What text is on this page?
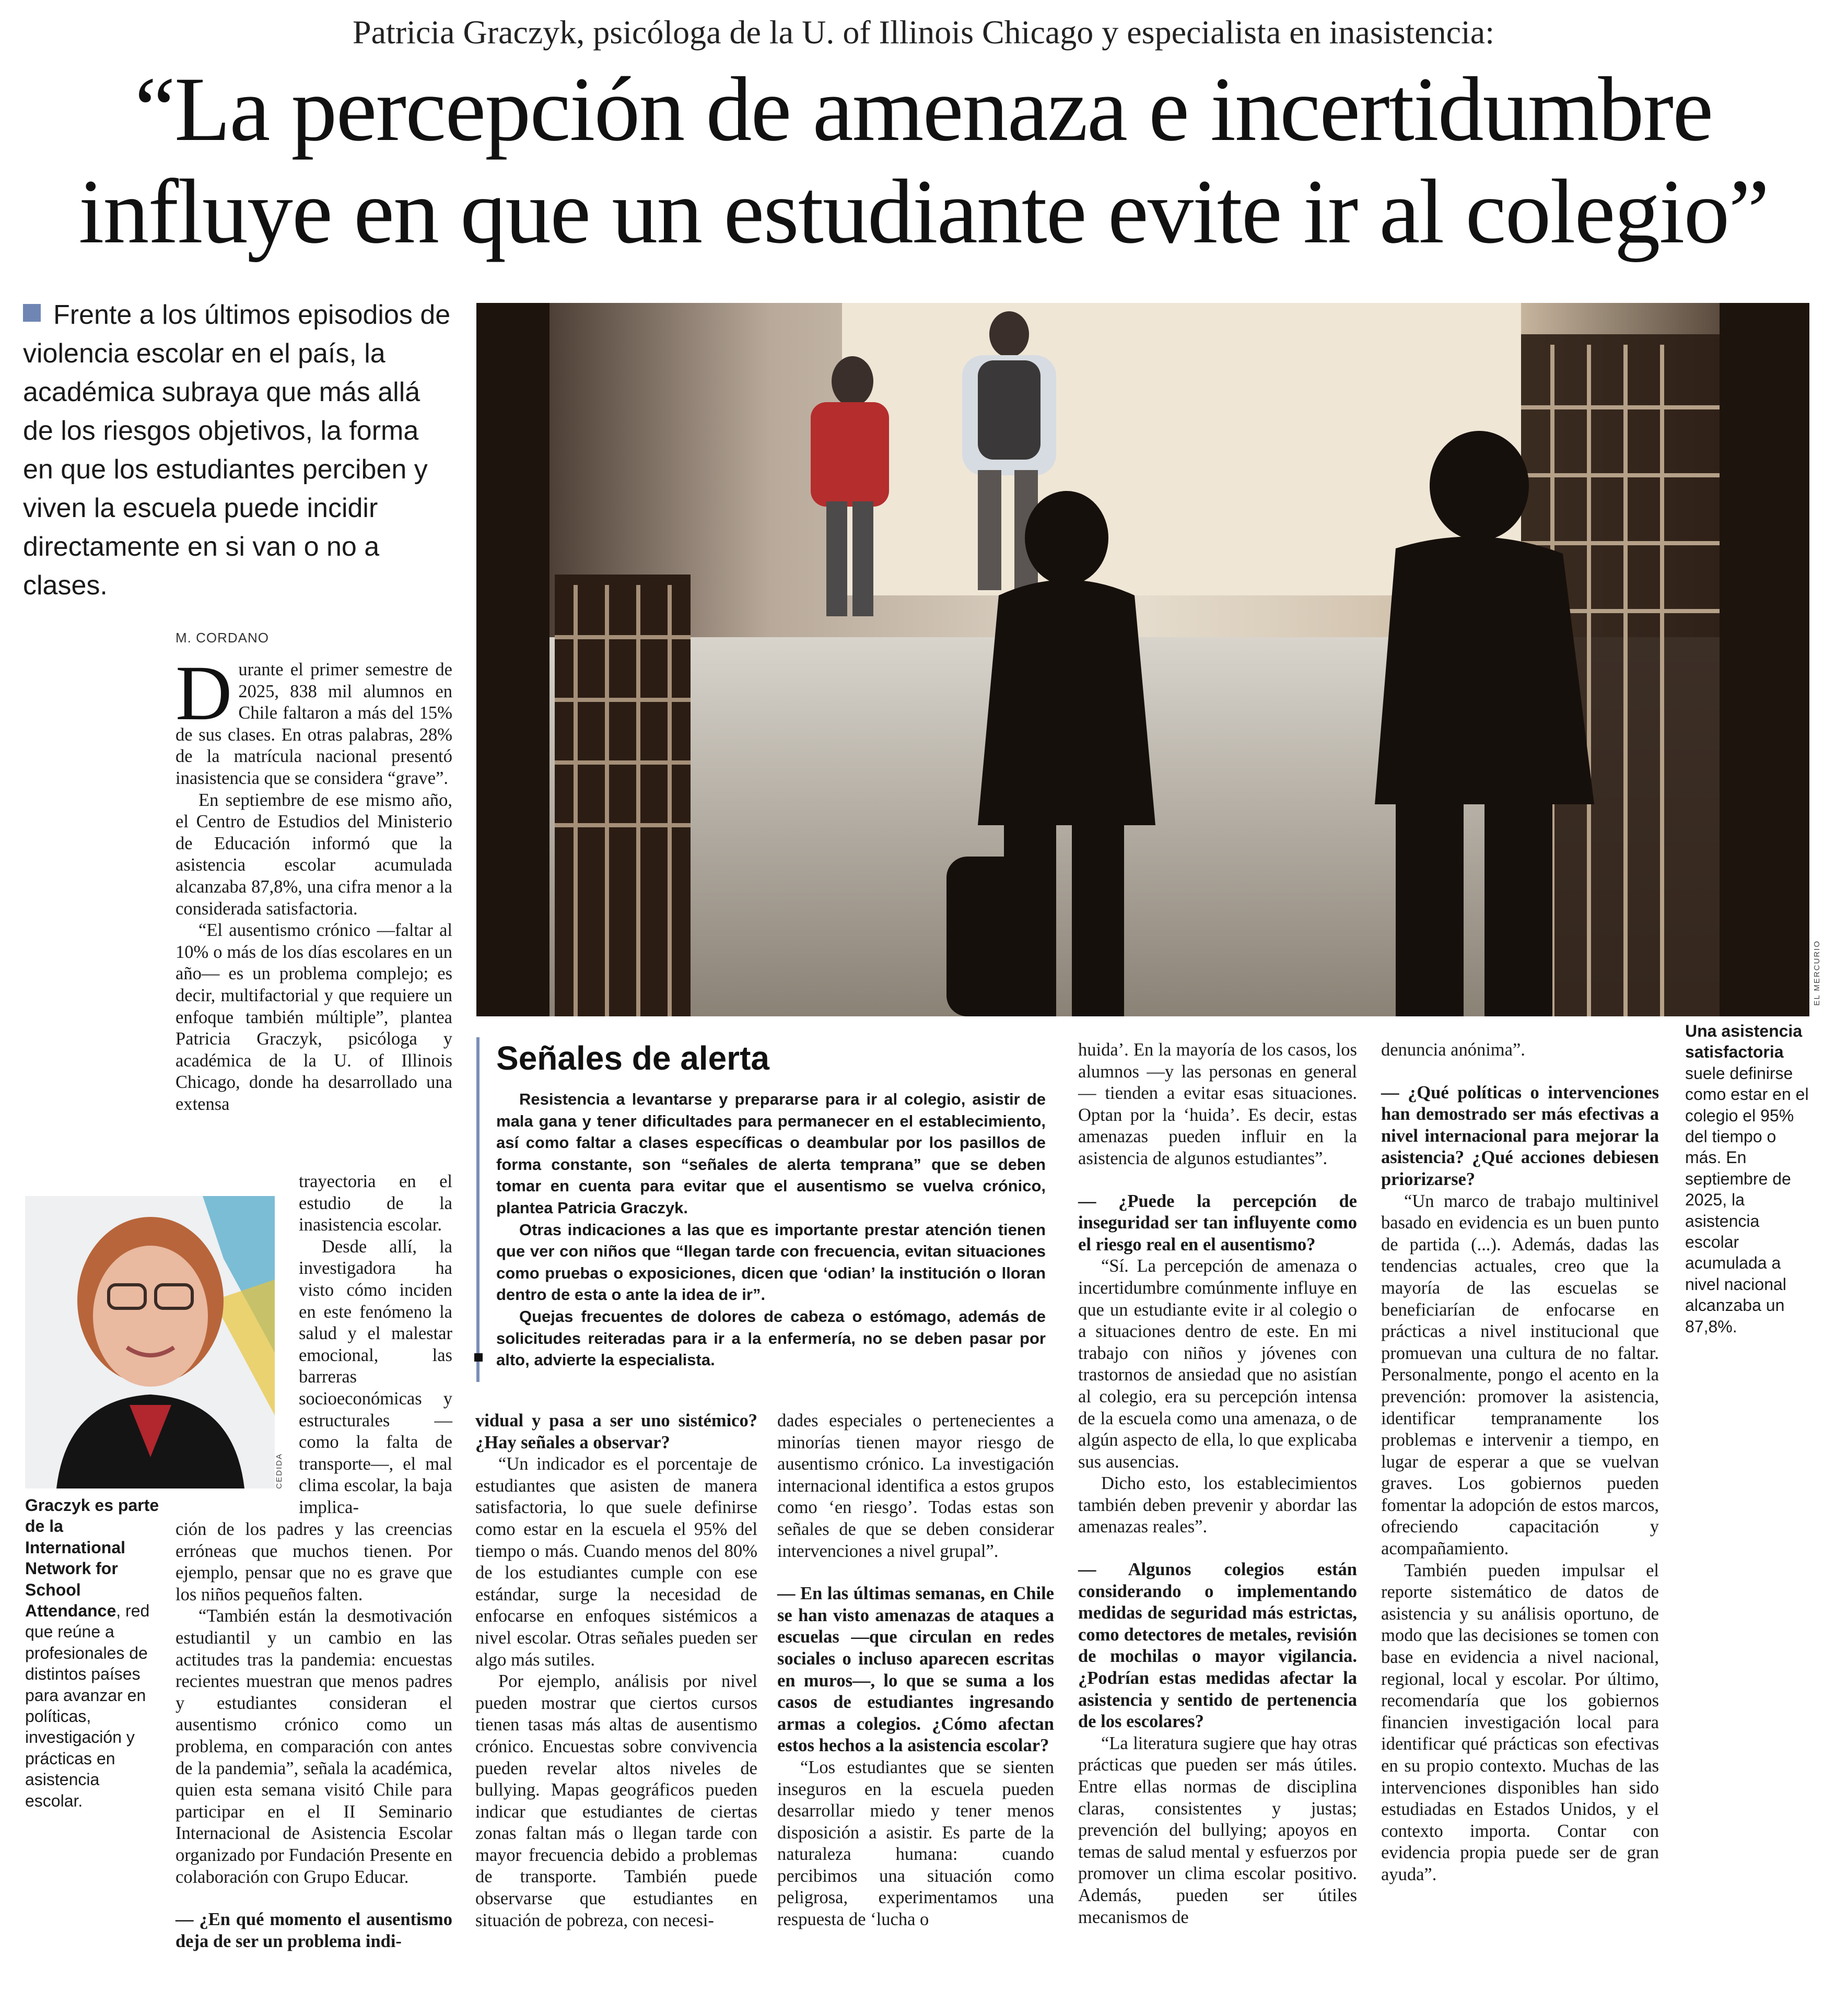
Patricia Graczyk, psicóloga de la U. of Illinois Chicago y especialista en inasistencia:
“La percepción de amenaza e incertidumbre
influye en que un estudiante evite ir al colegio”
Frente a los últimos episodios de violencia escolar en el país, la académica subraya que más allá de los riesgos objetivos, la forma en que los estudiantes perciben y viven la escuela puede incidir directamente en si van o no a clases.
M. CORDANO
EL MERCURIO

Durante el primer semestre de 2025, 838 mil alumnos en Chile faltaron a más del 15% de sus clases. En otras palabras, 28% de la matrícula nacional presentó inasistencia que se considera “grave”.

En septiembre de ese mismo año, el Centro de Estudios del Ministerio de Educación informó que la asistencia escolar acumulada alcanzaba 87,8%, una cifra menor a la considerada satisfactoria.

“El ausentismo crónico —faltar al 10% o más de los días escolares en un año— es un problema complejo; es decir, multifactorial y que requiere un enfoque también múltiple”, plantea Patricia Graczyk, psicóloga y académica de la U. of Illinois Chicago, donde ha desarrollado una extensa

trayectoria en el estudio de la inasistencia escolar.

Desde allí, la investigadora ha visto cómo inciden en este fenómeno la salud y el malestar emocional, las barreras socioeconómicas y estructurales —como la falta de transporte—, el mal clima escolar, la baja implica-

ción de los padres y las creencias erróneas que muchos tienen. Por ejemplo, pensar que no es grave que los niños pequeños falten.

“También están la desmotivación estudiantil y un cambio en las actitudes tras la pandemia: encuestas recientes muestran que menos padres y estudiantes consideran el ausentismo crónico como un problema, en comparación con antes de la pandemia”, señala la académica, quien esta semana visitó Chile para participar en el II Seminario Internacional de Asistencia Escolar organizado por Fundación Presente en colaboración con Grupo Educar.

— ¿En qué momento el ausentismo deja de ser un problema indi-

CEDIDA
Graczyk es parte de la International Network for School Attendance, red que reúne a profesionales de distintos países para avanzar en políticas, investigación y prácticas en asistencia escolar.
Señales de alerta

Resistencia a levantarse y prepararse para ir al colegio, asistir de mala gana y tener dificultades para permanecer en el establecimiento, así como faltar a clases específicas o deambular por los pasillos de forma constante, son “señales de alerta temprana” que se deben tomar en cuenta para evitar que el ausentismo se vuelva crónico, plantea Patricia Graczyk.

Otras indicaciones a las que es importante prestar atención tienen que ver con niños que “llegan tarde con frecuencia, evitan situaciones como pruebas o exposiciones, dicen que ‘odian’ la institución o lloran dentro de esta o ante la idea de ir”.

Quejas frecuentes de dolores de cabeza o estómago, además de solicitudes reiteradas para ir a la enfermería, no se deben pasar por alto, advierte la especialista.

vidual y pasa a ser uno sistémico? ¿Hay señales a observar?

“Un indicador es el porcentaje de estudiantes que asisten de manera satisfactoria, lo que suele definirse como estar en la escuela el 95% del tiempo o más. Cuando menos del 80% de los estudiantes cumple con ese estándar, surge la necesidad de enfocarse en enfoques sistémicos a nivel escolar. Otras señales pueden ser algo más sutiles.

Por ejemplo, análisis por nivel pueden mostrar que ciertos cursos tienen tasas más altas de ausentismo crónico. Encuestas sobre convivencia pueden revelar altos niveles de bullying. Mapas geográficos pueden indicar que estudiantes de ciertas zonas faltan más o llegan tarde con mayor frecuencia debido a problemas de transporte. También puede observarse que estudiantes en situación de pobreza, con necesi-

dades especiales o pertenecientes a minorías tienen mayor riesgo de ausentismo crónico. La investigación internacional identifica a estos grupos como ‘en riesgo’. Todas estas son señales de que se deben considerar intervenciones a nivel grupal”.

— En las últimas semanas, en Chile se han visto amenazas de ataques a escuelas —que circulan en redes sociales o incluso aparecen escritas en muros—, lo que se suma a los casos de estudiantes ingresando armas a colegios. ¿Cómo afectan estos hechos a la asistencia escolar?

“Los estudiantes que se sienten inseguros en la escuela pueden desarrollar miedo y tener menos disposición a asistir. Es parte de la naturaleza humana: cuando percibimos una situación como peligrosa, experimentamos una respuesta de ‘lucha o

huida’. En la mayoría de los casos, los alumnos —y las personas en general— tienden a evitar esas situaciones. Optan por la ‘huida’. Es decir, estas amenazas pueden influir en la asistencia de algunos estudiantes”.

— ¿Puede la percepción de inseguridad ser tan influyente como el riesgo real en el ausentismo?

“Sí. La percepción de amenaza o incertidumbre comúnmente influye en que un estudiante evite ir al colegio o a situaciones dentro de este. En mi trabajo con niños y jóvenes con trastornos de ansiedad que no asistían al colegio, era su percepción intensa de la escuela como una amenaza, o de algún aspecto de ella, lo que explicaba sus ausencias.

Dicho esto, los establecimientos también deben prevenir y abordar las amenazas reales”.

— Algunos colegios están considerando o implementando medidas de seguridad más estrictas, como detectores de metales, revisión de mochilas o mayor vigilancia. ¿Podrían estas medidas afectar la asistencia y sentido de pertenencia de los escolares?

“La literatura sugiere que hay otras prácticas que pueden ser más útiles. Entre ellas normas de disciplina claras, consistentes y justas; prevención del bullying; apoyos en temas de salud mental y esfuerzos por promover un clima escolar positivo. Además, pueden ser útiles mecanismos de

denuncia anónima”.

— ¿Qué políticas o intervenciones han demostrado ser más efectivas a nivel internacional para mejorar la asistencia? ¿Qué acciones debiesen priorizarse?

“Un marco de trabajo multinivel basado en evidencia es un buen punto de partida (...). Además, dadas las tendencias actuales, creo que la mayoría de las escuelas se beneficiarían de enfocarse en prácticas a nivel institucional que promuevan una cultura de no faltar. Personalmente, pongo el acento en la prevención: promover la asistencia, identificar tempranamente los problemas e intervenir a tiempo, en lugar de esperar a que se vuelvan graves. Los gobiernos pueden fomentar la adopción de estos marcos, ofreciendo capacitación y acompañamiento.

También pueden impulsar el reporte sistemático de datos de asistencia y su análisis oportuno, de modo que las decisiones se tomen con base en evidencia a nivel nacional, regional, local y escolar. Por último, recomendaría que los gobiernos financien investigación local para identificar qué prácticas son efectivas en su propio contexto. Muchas de las intervenciones disponibles han sido estudiadas en Estados Unidos, y el contexto importa. Contar con evidencia propia puede ser de gran ayuda”.

Una asistencia satisfactoria suele definirse como estar en el colegio el 95% del tiempo o más. En septiembre de 2025, la asistencia escolar acumulada a nivel nacional alcanzaba un 87,8%.
